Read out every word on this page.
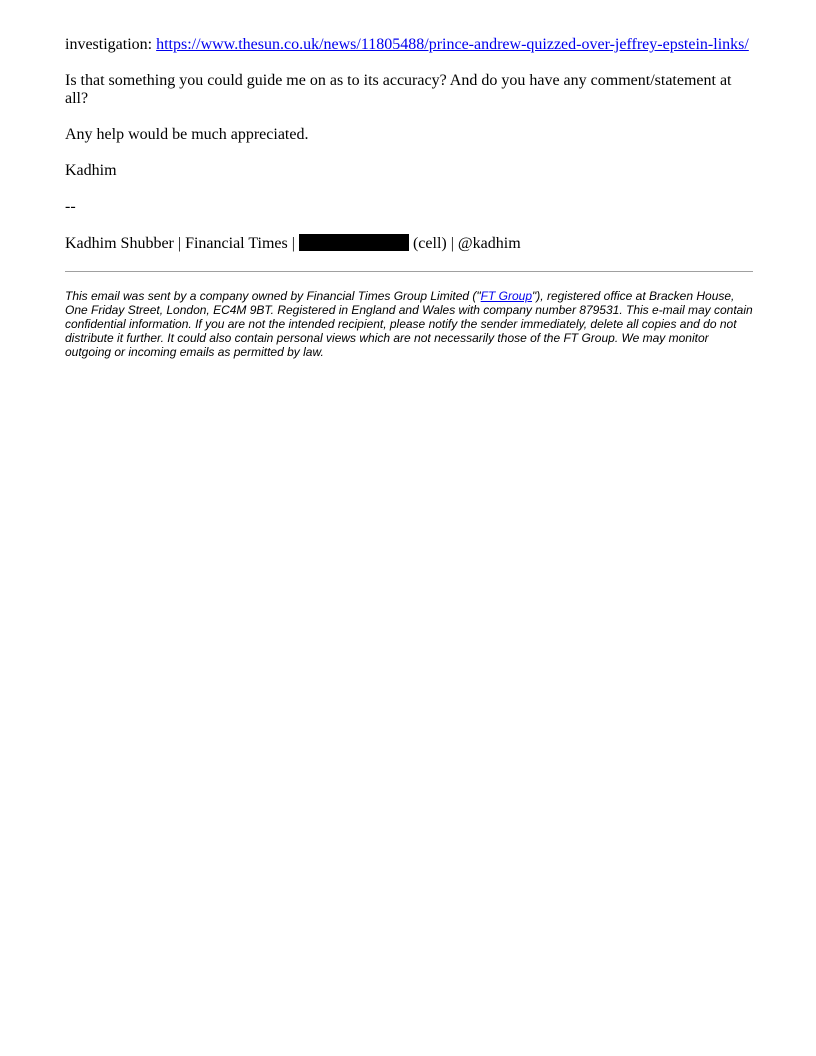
investigation: https://www.thesun.co.uk/news/11805488/prince-andrew-quizzed-over-jeffrey-epstein-links/

Is that something you could guide me on as to its accuracy? And do you have any comment/statement at all?

Any help would be much appreciated.

Kadhim

--

Kadhim Shubber | Financial Times |	(cell) | @kadhim

This email was sent by a company owned by Financial Times Group Limited ("FT Group"), registered office at Bracken House, One Friday Street, London, EC4M 9BT. Registered in England and Wales with company number 879531. This e-mail may contain confidential information. If you are not the intended recipient, please notify the sender immediately, delete all copies and do not distribute it further. It could also contain personal views which are not necessarily those of the FT Group. We may monitor outgoing or incoming emails as permitted by law.
